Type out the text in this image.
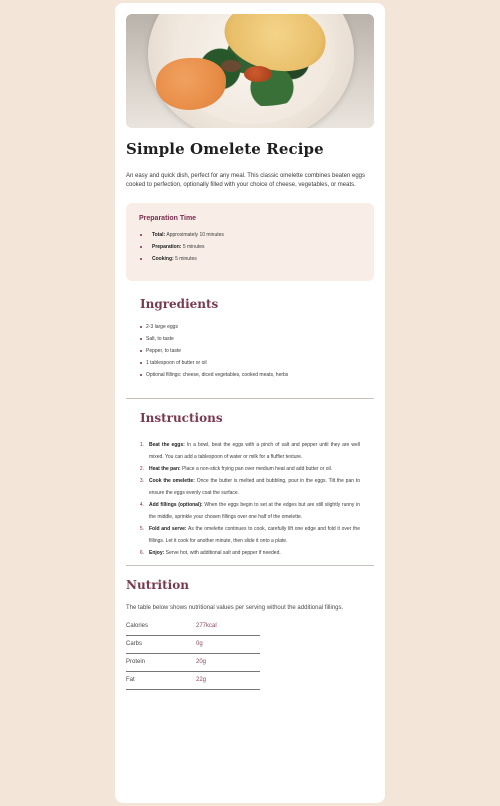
Simple Omelete Recipe

An easy and quick dish, perfect for any meal. This classic omelette combines beaten eggs cooked to perfection, optionally filled with your choice of cheese, vegetables, or meats.

Preparation Time
Total: Approximately 10 minutes
Preparation: 5 minutes
Cooking: 5 minutes
Ingredients
2-3 large eggs
Salt, to taste
Pepper, to taste
1 tablespoon of butter or oil
Optional fillings: cheese, diced vegetables, cooked meats, herbs
Instructions
1. Beat the eggs: In a bowl, beat the eggs with a pinch of salt and pepper until they are well mixed. You can add a tablespoon of water or milk for a fluffier texture.
2. Heat the pan: Place a non-stick frying pan over medium heat and add butter or oil.
3. Cook the omelette: Once the butter is melted and bubbling, pour in the eggs. Tilt the pan to ensure the eggs evenly coat the surface.
4. Add fillings (optional): When the eggs begin to set at the edges but are still slightly runny in the middle, sprinkle your chosen fillings over one half of the omelette.
5. Fold and serve: As the omelette continues to cook, carefully lift one edge and fold it over the fillings. Let it cook for another minute, then slide it onto a plate.
6. Enjoy: Serve hot, with additional salt and pepper if needed.
Nutrition

The table below shows nutritional values per serving without the additional fillings.

Calories	277kcal
Carbs	0g
Protein	20g
Fat	22g
